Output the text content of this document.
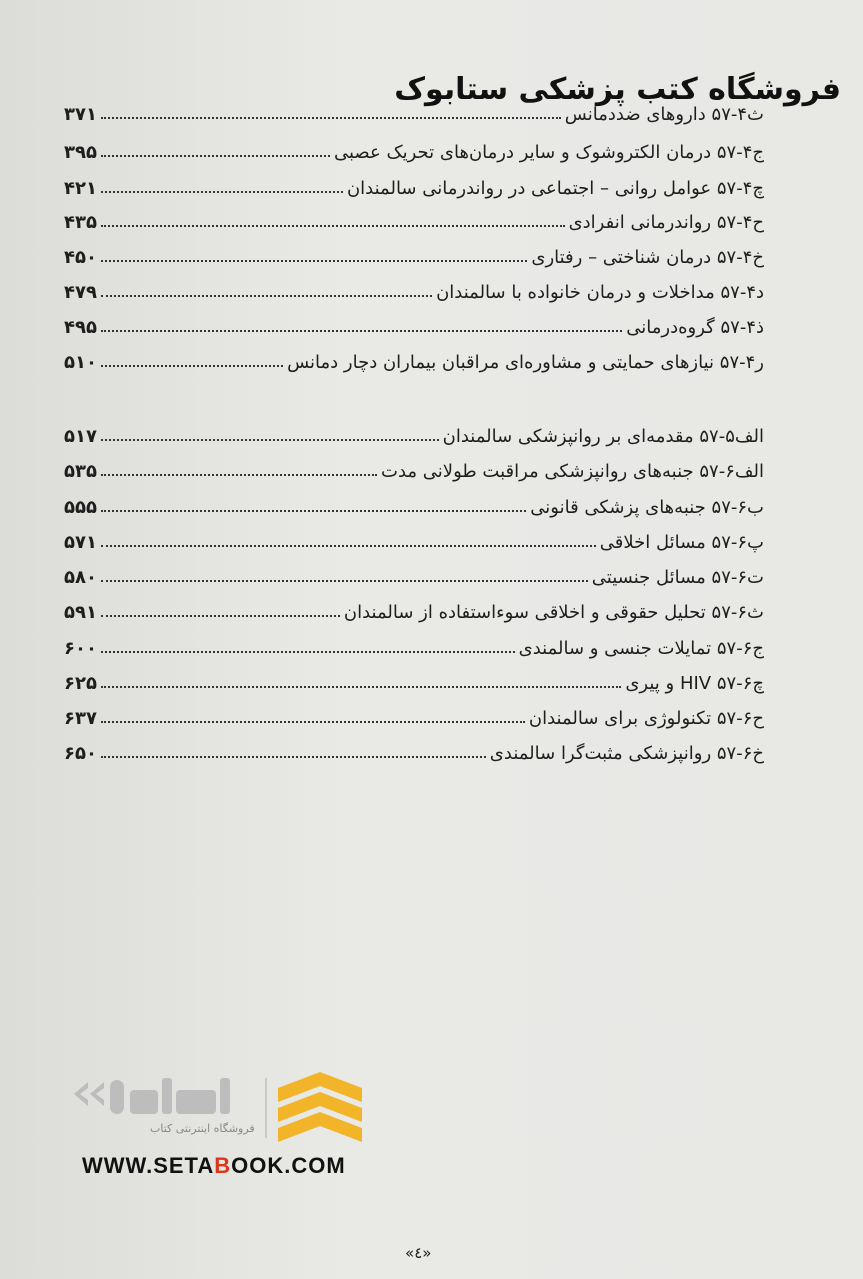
فروشگاه کتب پزشکی ستابوک
ث۴-۵۷ داروهای ضددمانس
۳۷۱
ج۴-۵۷ درمان الکتروشوک و سایر درمان‌های تحریک عصبی
۳۹۵
چ۴-۵۷ عوامل روانی – اجتماعی در رواندرمانی سالمندان
۴۲۱
ح۴-۵۷ رواندرمانی انفرادی
۴۳۵
خ۴-۵۷ درمان شناختی – رفتاری
۴۵۰
د۴-۵۷ مداخلات و درمان خانواده با سالمندان
۴۷۹
ذ۴-۵۷ گروه‌درمانی
۴۹۵
ر۴-۵۷ نیازهای حمایتی و مشاوره‌ای مراقبان بیماران دچار دمانس
۵۱۰
الف۵-۵۷ مقدمه‌ای بر روانپزشکی سالمندان
۵۱۷
الف۶-۵۷ جنبه‌های روانپزشکی مراقبت طولانی مدت
۵۳۵
ب۶-۵۷ جنبه‌های پزشکی قانونی
۵۵۵
پ۶-۵۷ مسائل اخلاقی
۵۷۱
ت۶-۵۷ مسائل جنسیتی
۵۸۰
ث۶-۵۷ تحلیل حقوقی و اخلاقی سوءاستفاده از سالمندان
۵۹۱
ج۶-۵۷ تمایلات جنسی و سالمندی
۶۰۰
چ۶-۵۷ HIV و پیری
۶۲۵
ح۶-۵۷ تکنولوژی برای سالمندان
۶۳۷
خ۶-۵۷ روانپزشکی مثبت‌گرا سالمندی
۶۵۰
فروشگاه اینترنتی کتاب
WWW.SETABOOK.COM
«٤»
